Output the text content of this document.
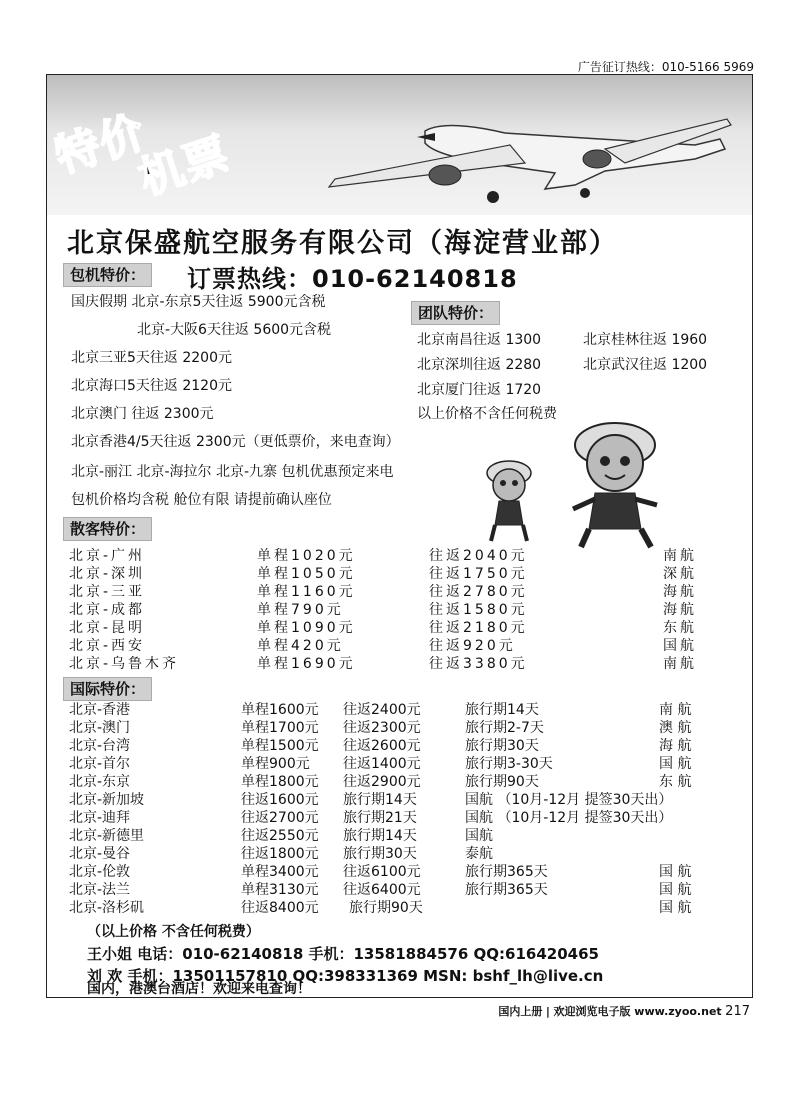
广告征订热线：010-5166 5969
特价
机票
北京保盛航空服务有限公司（海淀营业部）
包机特价： 订票热线：010-62140818
国庆假期 北京-东京5天往返 5900元含税
北京-大阪6天往返 5600元含税
北京三亚5天往返 2200元
北京海口5天往返 2120元
北京澳门 往返 2300元
北京香港4/5天往返 2300元（更低票价，来电查询）
北京-丽江 北京-海拉尔 北京-九寨 包机优惠预定来电
包机价格均含税 舱位有限 请提前确认座位
团队特价：
北京南昌往返 1300	北京桂林往返 1960
北京深圳往返 2280	北京武汉往返 1200
北京厦门往返 1720
以上价格不含任何税费
散客特价：
北京-广州	单程1020元	往返2040元	南航
北京-深圳	单程1050元	往返1750元	深航
北京-三亚	单程1160元	往返2780元	海航
北京-成都	单程790元	往返1580元	海航
北京-昆明	单程1090元	往返2180元	东航
北京-西安	单程420元	往返920元	国航
北京-乌鲁木齐	单程1690元	往返3380元	南航
国际特价：
北京-香港	单程1600元 往返2400元	旅行期14天	南 航
北京-澳门	单程1700元 往返2300元	旅行期2-7天	澳 航
北京-台湾	单程1500元 往返2600元	旅行期30天	海 航
北京-首尔	单程900元 往返1400元	旅行期3-30天	国 航
北京-东京	单程1800元 往返2900元	旅行期90天	东 航
北京-新加坡	往返1600元 旅行期14天	国航 （10月-12月 提签30天出）
北京-迪拜	往返2700元 旅行期21天	国航 （10月-12月 提签30天出）
北京-新德里	往返2550元 旅行期14天	国航
北京-曼谷	往返1800元 旅行期30天	泰航
北京-伦敦	单程3400元 往返6100元	旅行期365天	国 航
北京-法兰	单程3130元 往返6400元	旅行期365天	国 航
北京-洛杉矶	往返8400元 旅行期90天	国 航
（以上价格 不含任何税费）
王小姐 电话：010-62140818 手机：13581884576 QQ:616420465
刘 欢 手机：13501157810 QQ:398331369 MSN: bshf_lh@live.cn
国内，港澳台酒店！欢迎来电查询！
国内上册 | 欢迎浏览电子版 www.zyoo.net 217
